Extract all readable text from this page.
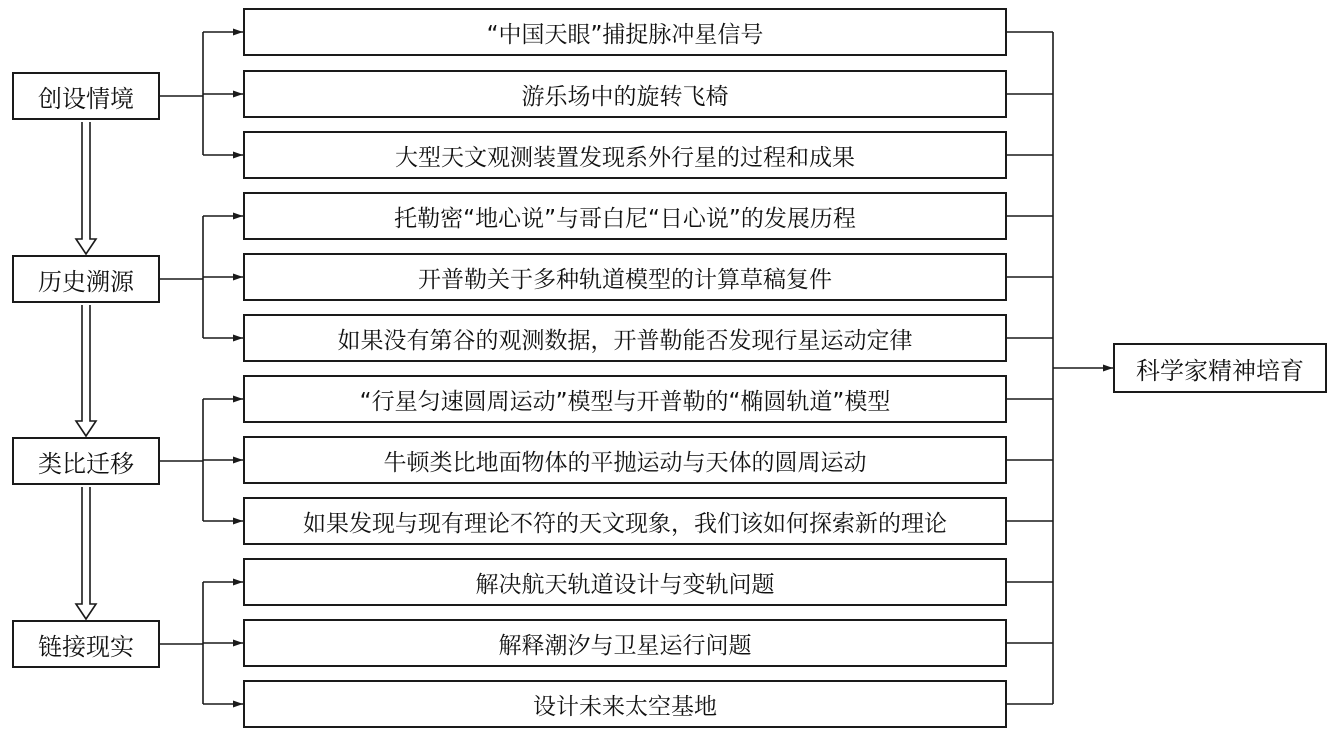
创设情境
历史溯源
类比迁移
链接现实
“中国天眼”捕捉脉冲星信号
游乐场中的旋转飞椅
大型天文观测装置发现系外行星的过程和成果
托勒密“地心说”与哥白尼“日心说”的发展历程
开普勒关于多种轨道模型的计算草稿复件
如果没有第谷的观测数据，开普勒能否发现行星运动定律
“行星匀速圆周运动”模型与开普勒的“椭圆轨道”模型
牛顿类比地面物体的平抛运动与天体的圆周运动
如果发现与现有理论不符的天文现象，我们该如何探索新的理论
解决航天轨道设计与变轨问题
解释潮汐与卫星运行问题
设计未来太空基地
科学家精神培育
